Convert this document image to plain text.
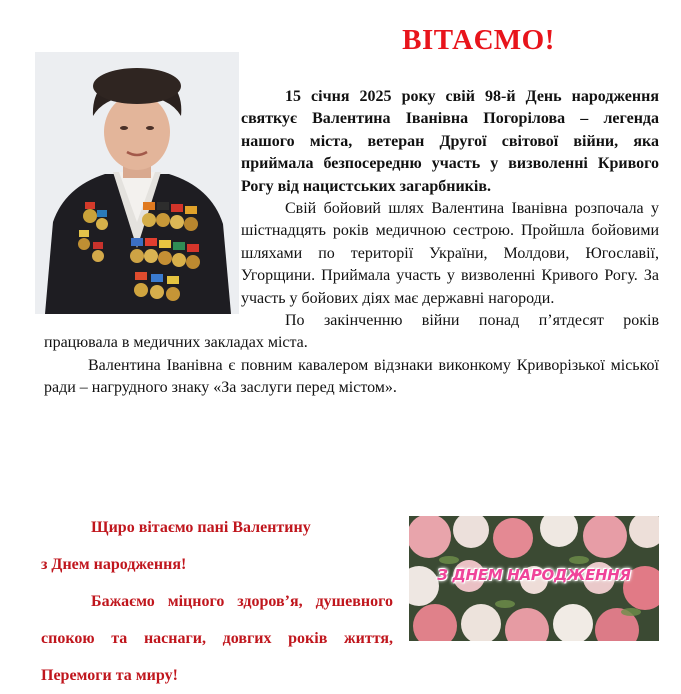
ВІТАЄМО!

15 січня 2025 року свій 98-й День народження святкує Валентина Іванівна Погорілова – легенда нашого міста, ветеран Другої світової війни, яка приймала безпосередню участь у визволенні Кривого Рогу від нацистських загарбників.

Свій бойовий шлях Валентина Іванівна розпочала у шістнадцять років медичною сестрою. Пройшла бойовими шляхами по території України, Молдови, Югославії, Угорщини. Приймала участь у визволенні Кривого Рогу. За участь у бойових діях має державні нагороди.

По закінченню війни понад п’ятдесят років працювала в медичних закладах міста.

Валентина Іванівна є повним кавалером відзнаки виконкому Криворізької міської ради – нагрудного знаку «За заслуги перед містом».

Щиро вітаємо пані Валентину

з Днем народження!

Бажаємо міцного здоров’я, душевного спокою та наснаги, довгих років життя, Перемоги та миру!

З ДНЕМ НАРОДЖЕННЯ
